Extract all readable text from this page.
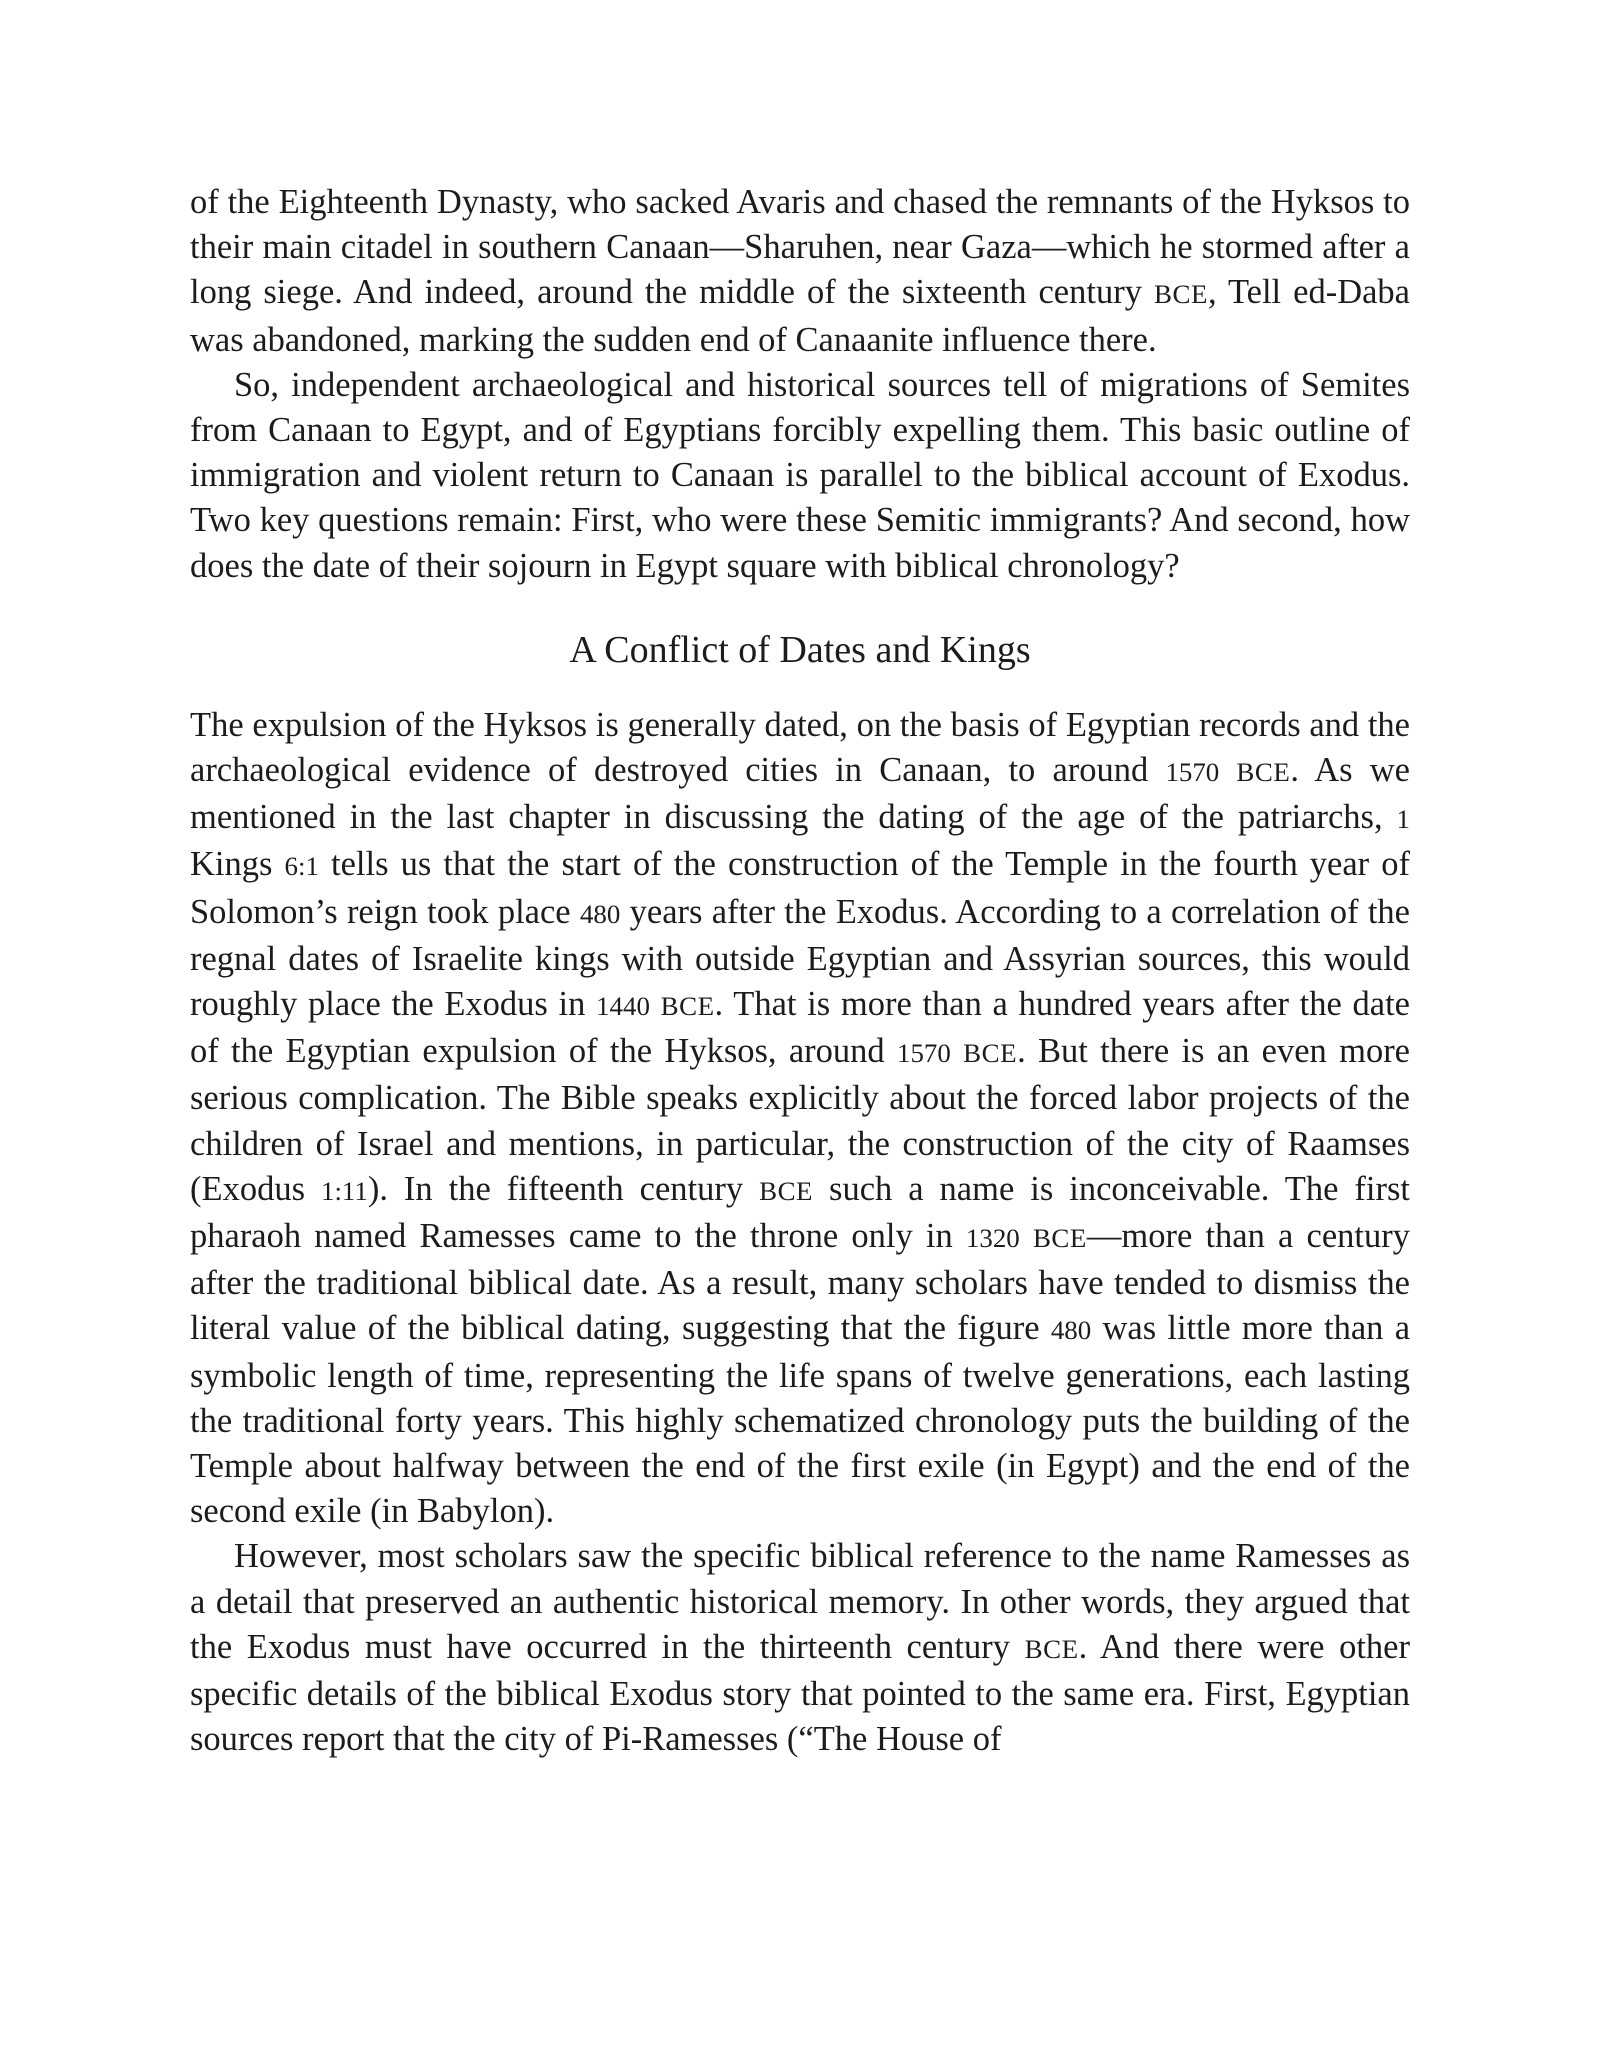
of the Eighteenth Dynasty, who sacked Avaris and chased the remnants of the Hyksos to their main citadel in southern Canaan—Sharuhen, near Gaza—which he stormed after a long siege. And indeed, around the middle of the sixteenth century BCE, Tell ed-Daba was abandoned, marking the sudden end of Canaanite influence there.

So, independent archaeological and historical sources tell of migrations of Semites from Canaan to Egypt, and of Egyptians forcibly expelling them. This basic outline of immigration and violent return to Canaan is parallel to the biblical account of Exodus. Two key questions remain: First, who were these Semitic immigrants? And second, how does the date of their sojourn in Egypt square with biblical chronology?

A Conflict of Dates and Kings

The expulsion of the Hyksos is generally dated, on the basis of Egyptian records and the archaeological evidence of destroyed cities in Canaan, to around 1570 BCE. As we mentioned in the last chapter in discussing the dating of the age of the patriarchs, 1 Kings 6:1 tells us that the start of the construction of the Temple in the fourth year of Solomon’s reign took place 480 years after the Exodus. According to a correlation of the regnal dates of Israelite kings with outside Egyptian and Assyrian sources, this would roughly place the Exodus in 1440 BCE. That is more than a hundred years after the date of the Egyptian expulsion of the Hyksos, around 1570 BCE. But there is an even more serious complication. The Bible speaks explicitly about the forced labor projects of the children of Israel and mentions, in particular, the construction of the city of Raamses (Exodus 1:11). In the fifteenth century BCE such a name is inconceivable. The first pharaoh named Ramesses came to the throne only in 1320 BCE—more than a century after the traditional biblical date. As a result, many scholars have tended to dismiss the literal value of the biblical dating, suggesting that the figure 480 was little more than a symbolic length of time, representing the life spans of twelve generations, each lasting the traditional forty years. This highly schematized chronology puts the building of the Temple about halfway between the end of the first exile (in Egypt) and the end of the second exile (in Babylon).

However, most scholars saw the specific biblical reference to the name Ramesses as a detail that preserved an authentic historical memory. In other words, they argued that the Exodus must have occurred in the thirteenth century BCE. And there were other specific details of the biblical Exodus story that pointed to the same era. First, Egyptian sources report that the city of Pi-Ramesses (“The House of
